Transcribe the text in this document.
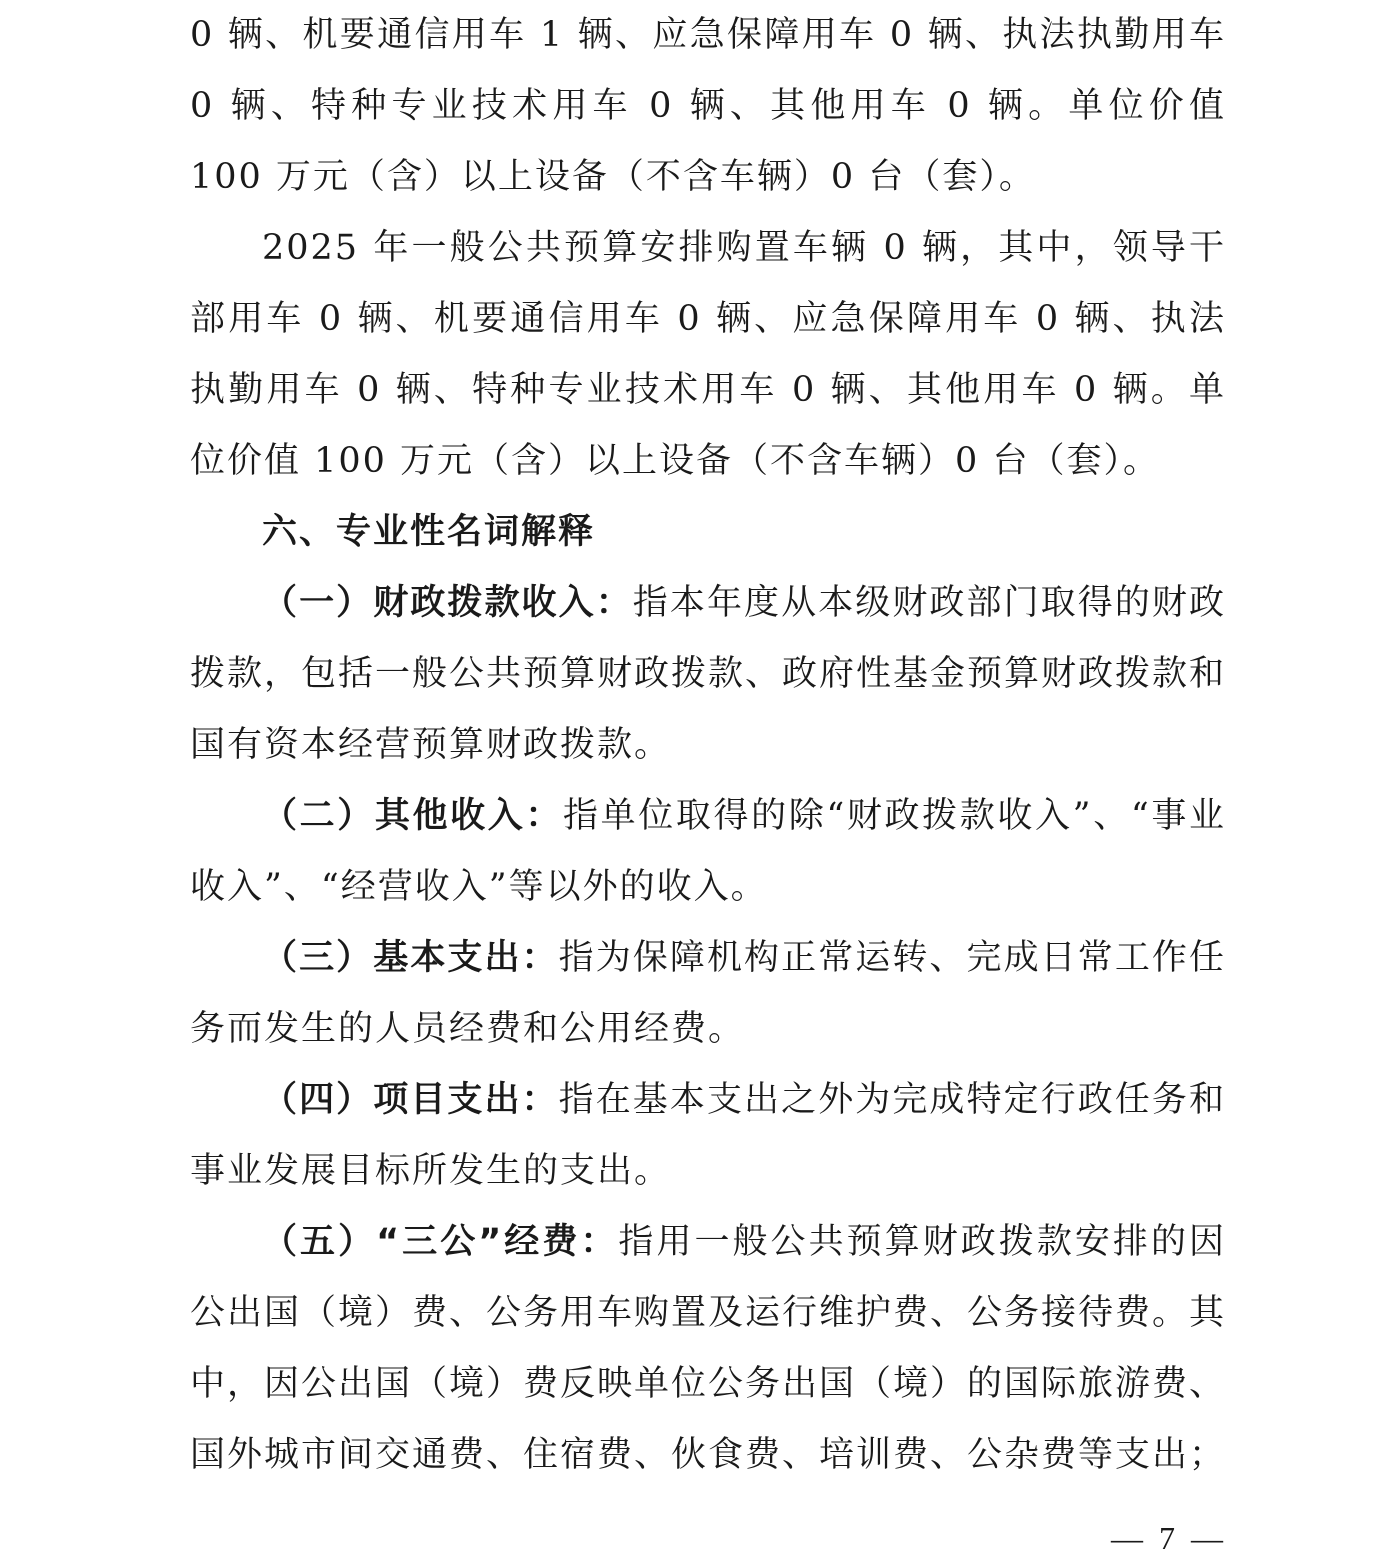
0 辆、机要通信用车 1 辆、应急保障用车 0 辆、执法执勤用车 0 辆、特种专业技术用车 0 辆、其他用车 0 辆。单位价值 100 万元（含）以上设备（不含车辆）0 台（套）。

2025 年一般公共预算安排购置车辆 0 辆，其中，领导干部用车 0 辆、机要通信用车 0 辆、应急保障用车 0 辆、执法执勤用车 0 辆、特种专业技术用车 0 辆、其他用车 0 辆。单位价值 100 万元（含）以上设备（不含车辆）0 台（套）。

六、专业性名词解释

（一）财政拨款收入：指本年度从本级财政部门取得的财政拨款，包括一般公共预算财政拨款、政府性基金预算财政拨款和国有资本经营预算财政拨款。

（二）其他收入：指单位取得的除“财政拨款收入”、“事业收入”、“经营收入”等以外的收入。

（三）基本支出：指为保障机构正常运转、完成日常工作任务而发生的人员经费和公用经费。

（四）项目支出：指在基本支出之外为完成特定行政任务和事业发展目标所发生的支出。

（五）“三公”经费：指用一般公共预算财政拨款安排的因公出国（境）费、公务用车购置及运行维护费、公务接待费。其中，因公出国（境）费反映单位公务出国（境）的国际旅游费、国外城市间交通费、住宿费、伙食费、培训费、公杂费等支出；

— 7 —
